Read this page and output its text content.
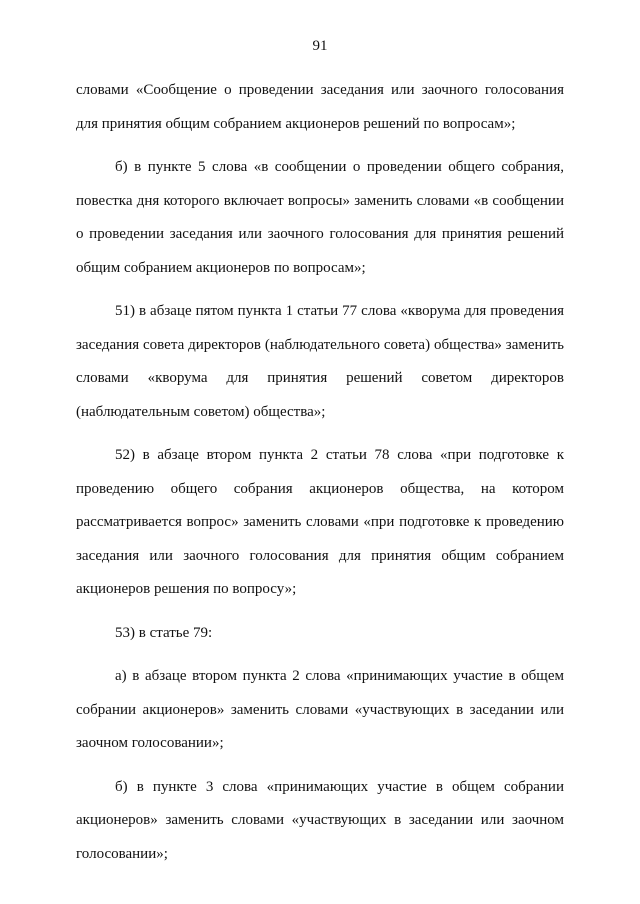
91

словами «Сообщение о проведении заседания или заочного голосования для принятия общим собранием акционеров решений по вопросам»;

б) в пункте 5 слова «в сообщении о проведении общего собрания, повестка дня которого включает вопросы» заменить словами «в сообщении о проведении заседания или заочного голосования для принятия решений общим собранием акционеров по вопросам»;

51) в абзаце пятом пункта 1 статьи 77 слова «кворума для проведения заседания совета директоров (наблюдательного совета) общества» заменить словами «кворума для принятия решений советом директоров (наблюдательным советом) общества»;

52) в абзаце втором пункта 2 статьи 78 слова «при подготовке к проведению общего собрания акционеров общества, на котором рассматривается вопрос» заменить словами «при подготовке к проведению заседания или заочного голосования для принятия общим собранием акционеров решения по вопросу»;

53) в статье 79:

а) в абзаце втором пункта 2 слова «принимающих участие в общем собрании акционеров» заменить словами «участвующих в заседании или заочном голосовании»;

б) в пункте 3 слова «принимающих участие в общем собрании акционеров» заменить словами «участвующих в заседании или заочном голосовании»;
